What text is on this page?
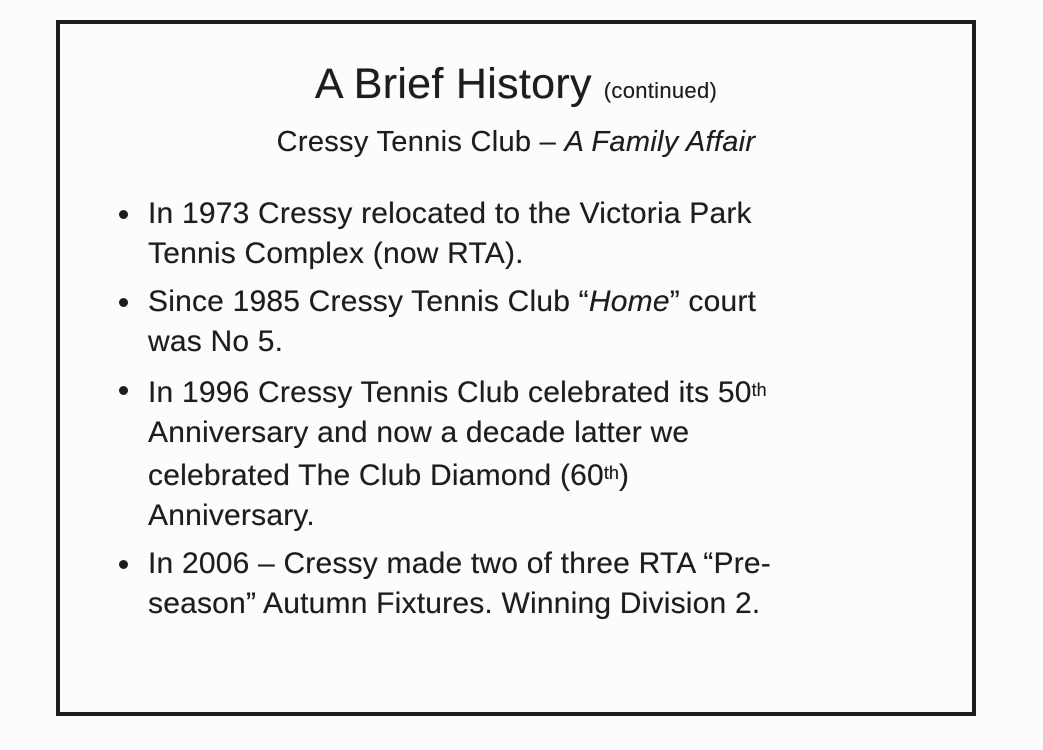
A Brief History (continued)
Cressy Tennis Club – A Family Affair
In 1973 Cressy relocated to the Victoria Park
Tennis Complex (now RTA).
Since 1985 Cressy Tennis Club “Home” court
was No 5.
In 1996 Cressy Tennis Club celebrated its 50th
Anniversary and now a decade latter we
celebrated The Club Diamond (60th)
Anniversary.
In 2006 – Cressy made two of three RTA “Pre-
season” Autumn Fixtures. Winning Division 2.
